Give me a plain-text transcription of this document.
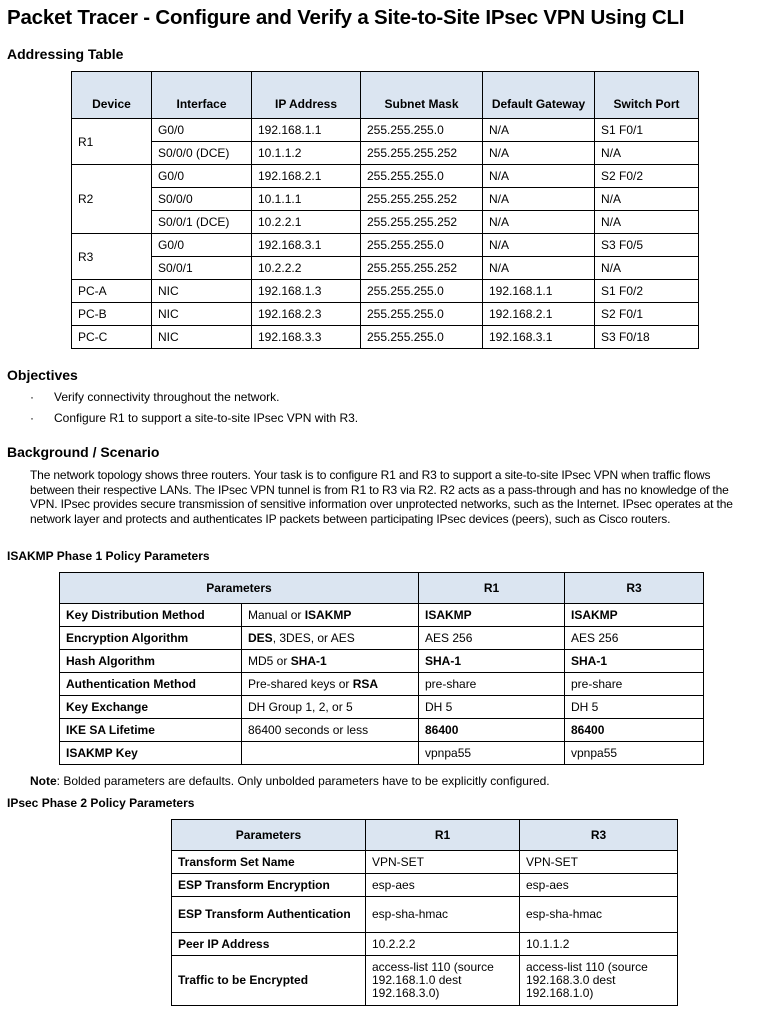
Packet Tracer - Configure and Verify a Site-to-Site IPsec VPN Using CLI
Addressing Table
Device	Interface	IP Address	Subnet Mask	Default Gateway	Switch Port
R1	G0/0	192.168.1.1	255.255.255.0	N/A	S1 F0/1
	S0/0/0 (DCE)	10.1.1.2	255.255.255.252	N/A	N/A
R2	G0/0	192.168.2.1	255.255.255.0	N/A	S2 F0/2
	S0/0/0	10.1.1.1	255.255.255.252	N/A	N/A
	S0/0/1 (DCE)	10.2.2.1	255.255.255.252	N/A	N/A
R3	G0/0	192.168.3.1	255.255.255.0	N/A	S3 F0/5
	S0/0/1	10.2.2.2	255.255.255.252	N/A	N/A
PC-A	NIC	192.168.1.3	255.255.255.0	192.168.1.1	S1 F0/2
PC-B	NIC	192.168.2.3	255.255.255.0	192.168.2.1	S2 F0/1
PC-C	NIC	192.168.3.3	255.255.255.0	192.168.3.1	S3 F0/18
Objectives
· Verify connectivity throughout the network.
· Configure R1 to support a site-to-site IPsec VPN with R3.
Background / Scenario

The network topology shows three routers. Your task is to configure R1 and R3 to support a site-to-site IPsec VPN when traffic flows between their respective LANs. The IPsec VPN tunnel is from R1 to R3 via R2. R2 acts as a pass-through and has no knowledge of the VPN. IPsec provides secure transmission of sensitive information over unprotected networks, such as the Internet. IPsec operates at the network layer and protects and authenticates IP packets between participating IPsec devices (peers), such as Cisco routers.

ISAKMP Phase 1 Policy Parameters
Parameters		R1	R3
Key Distribution Method	Manual or ISAKMP	ISAKMP	ISAKMP
Encryption Algorithm	DES, 3DES, or AES	AES 256	AES 256
Hash Algorithm	MD5 or SHA-1	SHA-1	SHA-1
Authentication Method	Pre-shared keys or RSA	pre-share	pre-share
Key Exchange	DH Group 1, 2, or 5	DH 5	DH 5
IKE SA Lifetime	86400 seconds or less	86400	86400
ISAKMP Key		vpnpa55	vpnpa55

Note: Bolded parameters are defaults. Only unbolded parameters have to be explicitly configured.

IPsec Phase 2 Policy Parameters
Parameters	R1	R3
Transform Set Name	VPN-SET	VPN-SET
ESP Transform Encryption	esp-aes	esp-aes
ESP Transform Authentication	esp-sha-hmac	esp-sha-hmac
Peer IP Address	10.2.2.2	10.1.1.2
Traffic to be Encrypted	access-list 110 (source 192.168.1.0 dest 192.168.3.0)	access-list 110 (source 192.168.3.0 dest 192.168.1.0)
